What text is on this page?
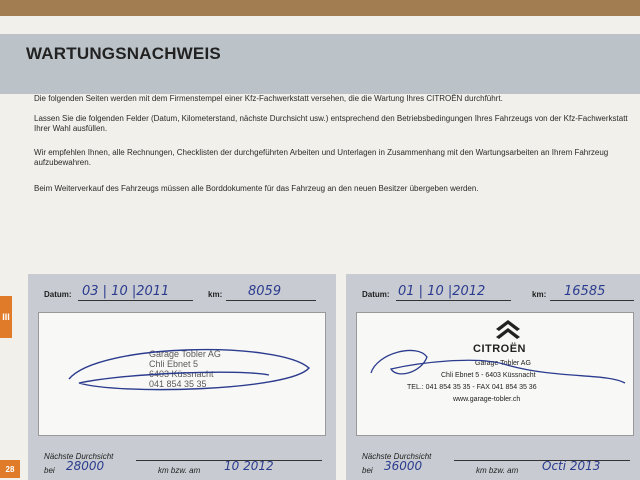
WARTUNGSNACHWEIS
Die folgenden Seiten werden mit dem Firmenstempel einer Kfz-Fachwerkstatt versehen, die die Wartung Ihres CITROËN durchführt.
Lassen Sie die folgenden Felder (Datum, Kilometerstand, nächste Durchsicht usw.) entsprechend den Betriebsbedingungen Ihres Fahrzeugs von der Kfz-Fachwerkstatt Ihrer Wahl ausfüllen.
Wir empfehlen Ihnen, alle Rechnungen, Checklisten der durchgeführten Arbeiten und Unterlagen in Zusammenhang mit den Wartungsarbeiten an Ihrem Fahrzeug aufzubewahren.
Beim Weiterverkauf des Fahrzeugs müssen alle Borddokumente für das Fahrzeug an den neuen Besitzer übergeben werden.
III
28
Datum: 03 | 10 |2011	km: 8059
Garage Tobler AG
Chli Ebnet 5
6403 Küssnacht
041 854 35 35
Nächste Durchsicht
bei 28000	km bzw. am 10 2012
Datum: 01 | 10 |2012	km: 16585
CITROËN
Garage Tobler AG
Chli Ebnet 5 - 6403 Küssnacht
TEL.: 041 854 35 35 - FAX 041 854 35 36
www.garage-tobler.ch
Nächste Durchsicht
bei 36000	km bzw. am Octi 2013
